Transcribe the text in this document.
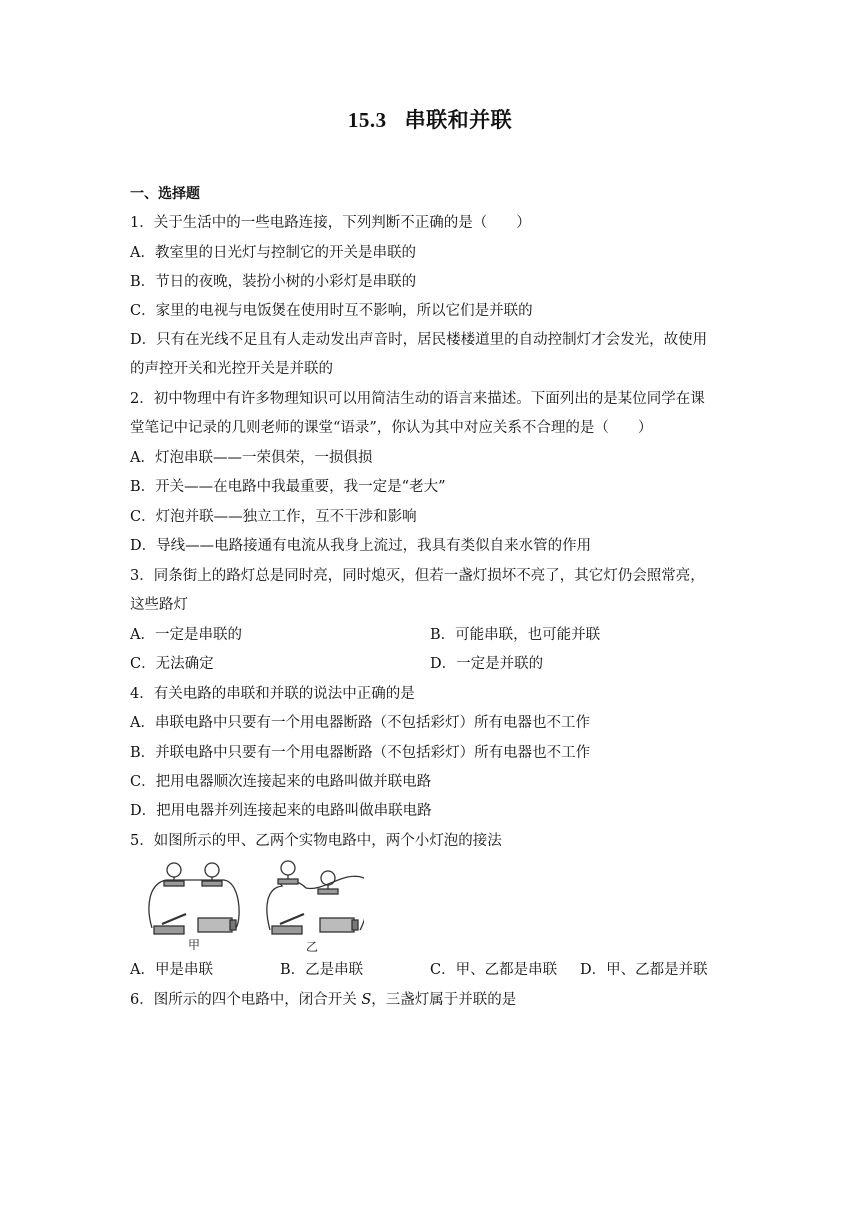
15.3 串联和并联
一、选择题
1．关于生活中的一些电路连接，下列判断不正确的是（　　）
A．教室里的日光灯与控制它的开关是串联的
B．节日的夜晚，装扮小树的小彩灯是串联的
C．家里的电视与电饭煲在使用时互不影响，所以它们是并联的
D．只有在光线不足且有人走动发出声音时，居民楼楼道里的自动控制灯才会发光，故使用
的声控开关和光控开关是并联的
2．初中物理中有许多物理知识可以用简洁生动的语言来描述。下面列出的是某位同学在课
堂笔记中记录的几则老师的课堂“语录”，你认为其中对应关系不合理的是（　　）
A．灯泡串联——一荣俱荣，一损俱损
B．开关——在电路中我最重要，我一定是“老大”
C．灯泡并联——独立工作，互不干涉和影响
D．导线——电路接通有电流从我身上流过，我具有类似自来水管的作用
3．同条街上的路灯总是同时亮，同时熄灭，但若一盏灯损坏不亮了，其它灯仍会照常亮，
这些路灯
A．一定是串联的	B．可能串联，也可能并联
C．无法确定	D．一定是并联的
4．有关电路的串联和并联的说法中正确的是
A．串联电路中只要有一个用电器断路（不包括彩灯）所有电器也不工作
B．并联电路中只要有一个用电器断路（不包括彩灯）所有电器也不工作
C．把用电器顺次连接起来的电路叫做并联电路
D．把用电器并列连接起来的电路叫做串联电路
5．如图所示的甲、乙两个实物电路中，两个小灯泡的接法
甲	乙
A．甲是串联	B．乙是串联	C．甲、乙都是串联 D．甲、乙都是并联
6．图所示的四个电路中，闭合开关 S，三盏灯属于并联的是
